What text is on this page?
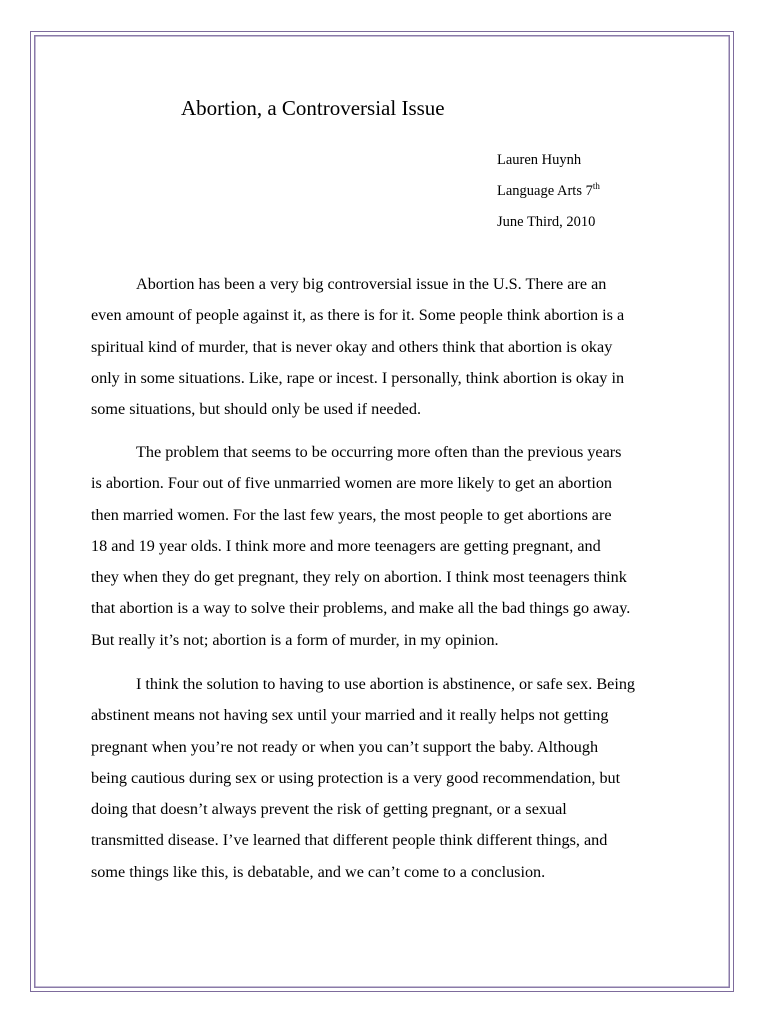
Abortion, a Controversial Issue
Lauren Huynh
Language Arts 7th
June Third, 2010
Abortion has been a very big controversial issue in the U.S. There are an
even amount of people against it, as there is for it. Some people think abortion is a
spiritual kind of murder, that is never okay and others think that abortion is okay
only in some situations. Like, rape or incest. I personally, think abortion is okay in
some situations, but should only be used if needed.
The problem that seems to be occurring more often than the previous years
is abortion. Four out of five unmarried women are more likely to get an abortion
then married women. For the last few years, the most people to get abortions are
18 and 19 year olds. I think more and more teenagers are getting pregnant, and
they when they do get pregnant, they rely on abortion. I think most teenagers think
that abortion is a way to solve their problems, and make all the bad things go away.
But really it’s not; abortion is a form of murder, in my opinion.
I think the solution to having to use abortion is abstinence, or safe sex. Being
abstinent means not having sex until your married and it really helps not getting
pregnant when you’re not ready or when you can’t support the baby. Although
being cautious during sex or using protection is a very good recommendation, but
doing that doesn’t always prevent the risk of getting pregnant, or a sexual
transmitted disease. I’ve learned that different people think different things, and
some things like this, is debatable, and we can’t come to a conclusion.
